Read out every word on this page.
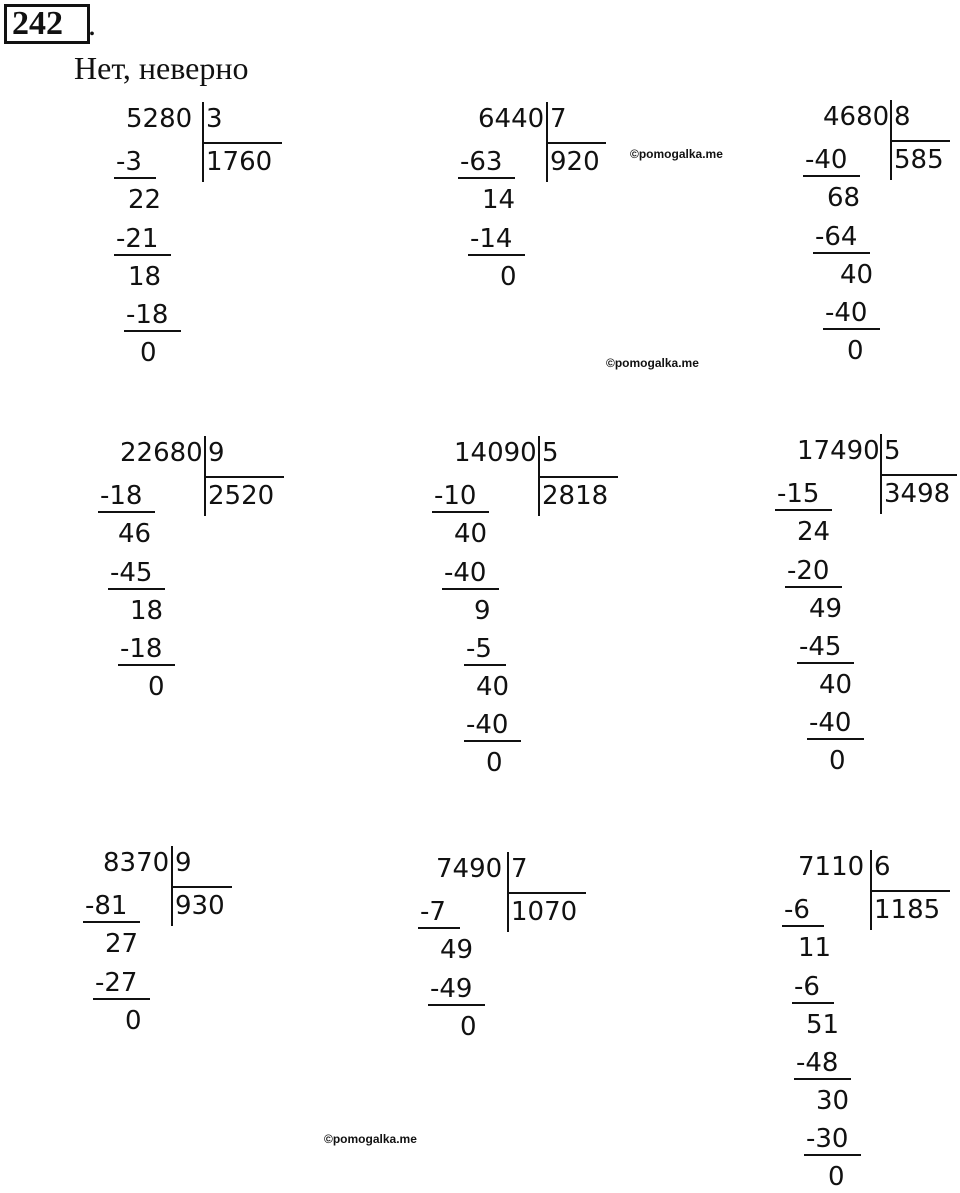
242 .
Нет, неверно
5280 3
1760
-3
22
-21
18
-18
0
6440 7
920
-63
14
-14
0
4680 8
585
-40
68
-64
40
-40
0
22680 9
2520
-18
46
-45
18
-18
0
14090 5
2818
-10
40
-40
9
-5
40
-40
0
17490 5
3498
-15
24
-20
49
-45
40
-40
0
8370 9
930
-81
27
-27
0
7490 7
1070
-7
49
-49
0
7110 6
1185
-6
11
-6
51
-48
30
-30
0
©pomogalka.me
©pomogalka.me
©pomogalka.me
